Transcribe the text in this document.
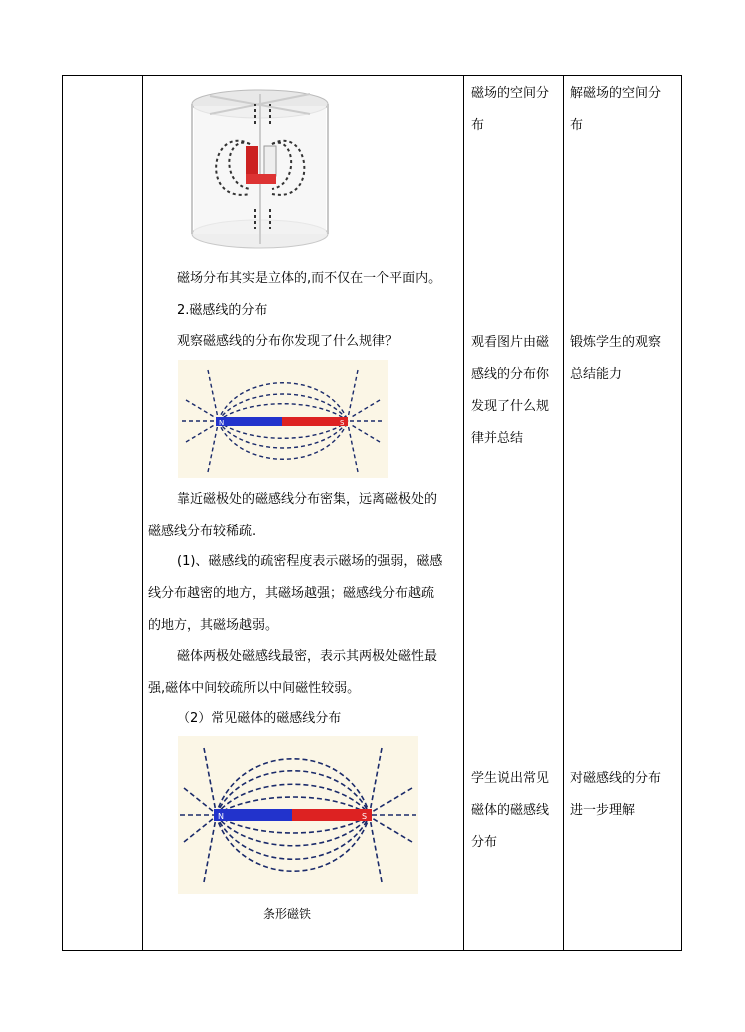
磁场的空间分
布
观看图片由磁
感线的分布你
发现了什么规
律并总结
学生说出常见
磁体的磁感线
分布
解磁场的空间分
布
锻炼学生的观察
总结能力
对磁感线的分布
进一步理解
磁场分布其实是立体的,而不仅在一个平面内。
2.磁感线的分布
观察磁感线的分布你发现了什么规律？
N	S
靠近磁极处的磁感线分布密集，远离磁极处的
磁感线分布较稀疏.
(1)、磁感线的疏密程度表示磁场的强弱，磁感
线分布越密的地方，其磁场越强；磁感线分布越疏
的地方，其磁场越弱。
磁体两极处磁感线最密，表示其两极处磁性最
强,磁体中间较疏所以中间磁性较弱。
（2）常见磁体的磁感线分布
N	S
条形磁铁
